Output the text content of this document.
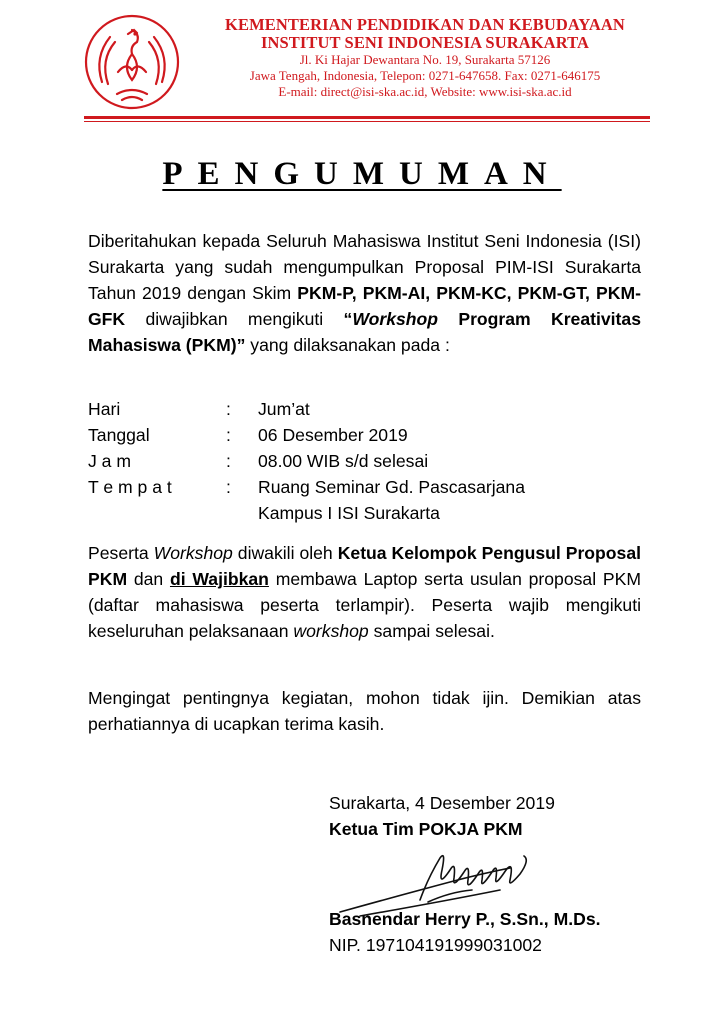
KEMENTERIAN PENDIDIKAN DAN KEBUDAYAAN
INSTITUT SENI INDONESIA SURAKARTA
Jl. Ki Hajar Dewantara No. 19, Surakarta 57126
Jawa Tengah, Indonesia, Telepon: 0271-647658. Fax: 0271-646175
E-mail: direct@isi-ska.ac.id, Website: www.isi-ska.ac.id
PENGUMUMAN
Diberitahukan kepada Seluruh Mahasiswa Institut Seni Indonesia (ISI) Surakarta yang sudah mengumpulkan Proposal PIM-ISI Surakarta Tahun 2019 dengan Skim PKM-P, PKM-AI, PKM-KC, PKM-GT, PKM-GFK diwajibkan mengikuti “Workshop Program Kreativitas Mahasiswa (PKM)” yang dilaksanakan pada :
Hari	:	Jum’at
Tanggal	:	06 Desember 2019
J a m	:	08.00 WIB s/d selesai
T e m p a t	:	Ruang Seminar Gd. Pascasarjana
Kampus I ISI Surakarta
Peserta Workshop diwakili oleh Ketua Kelompok Pengusul Proposal PKM dan di Wajibkan membawa Laptop serta usulan proposal PKM (daftar mahasiswa peserta terlampir). Peserta wajib mengikuti keseluruhan pelaksanaan workshop sampai selesai.
Mengingat pentingnya kegiatan, mohon tidak ijin. Demikian atas perhatiannya di ucapkan terima kasih.
Surakarta, 4 Desember 2019
Ketua Tim POKJA PKM
Basnendar Herry P., S.Sn., M.Ds.
NIP. 197104191999031002
